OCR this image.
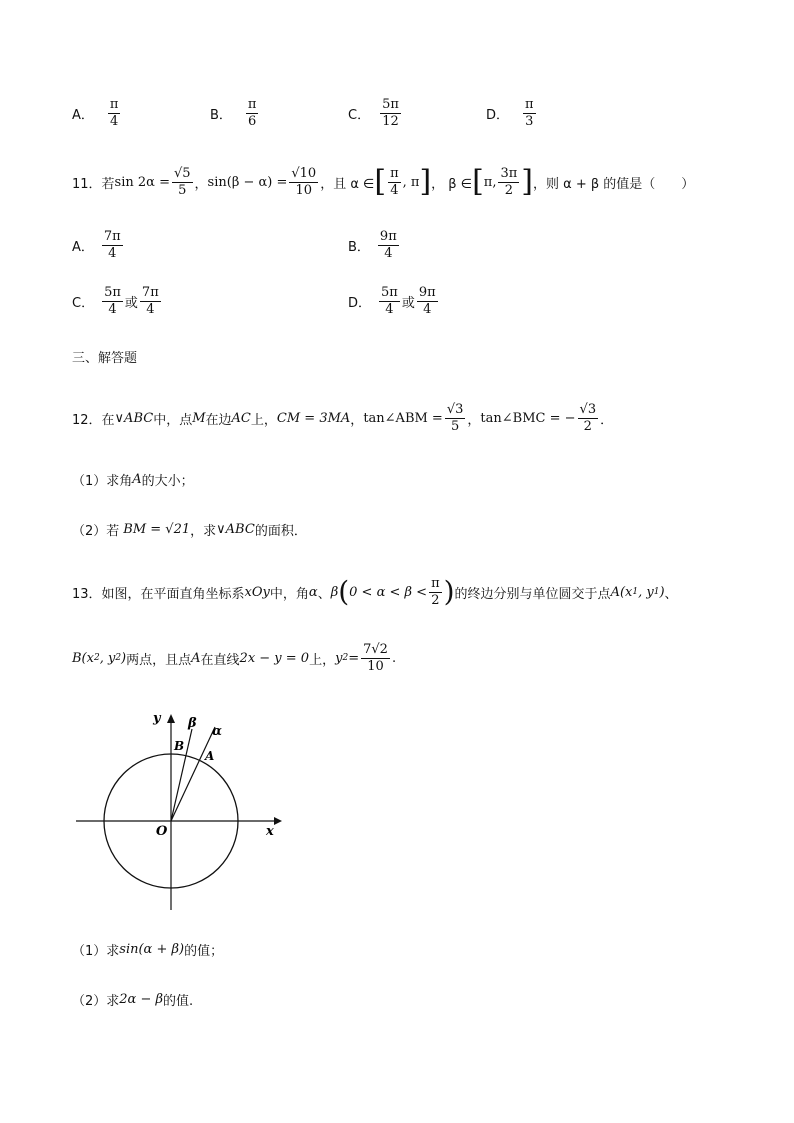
A． $\frac{\pi}{4}$	B． $\frac{\pi}{6}$	C． $\frac{5\pi}{12}$	D． $\frac{\pi}{3}$
11．若 $\sin 2\alpha = \frac{√5}{5}$ ， $\sin(\beta - \alpha) = \frac{√10}{10}$ ，且 α ∈ [ $\frac{\pi}{4}$ , π ] ， β ∈ [ π, $\frac{3\pi}{2}$ ] ，则 α + β 的值是（　　）
A． $\frac{7\pi}{4}$	B． $\frac{9\pi}{4}$
C． $\frac{5\pi}{4}$ 或 $\frac{7\pi}{4}$	D． $\frac{5\pi}{4}$ 或 $\frac{9\pi}{4}$
三、解答题
12．在 ∨ABC 中，点 M 在边 AC 上， CM = 3MA ， tan∠ABM = $\frac{√3}{5}$ ， tan∠BMC = − $\frac{√3}{2}$ ．
（1）求角 A 的大小；
（2）若 BM = √21 ，求 ∨ABC 的面积．
13．如图，在平面直角坐标系 xOy 中，角 α 、 β ( $0 < \alpha < \beta < \frac{\pi}{2}$ ) 的终边分别与单位圆交于点 A(x 1 , y 1 ) 、
B(x 2 , y 2 ) 两点，且点 A 在直线 2x − y = 0 上， y $2 = \frac{7√2}{10}$ .
y
x
O
B
A
β
α
（1）求 sin(α + β) 的值；
（2）求 2α − β 的值.
